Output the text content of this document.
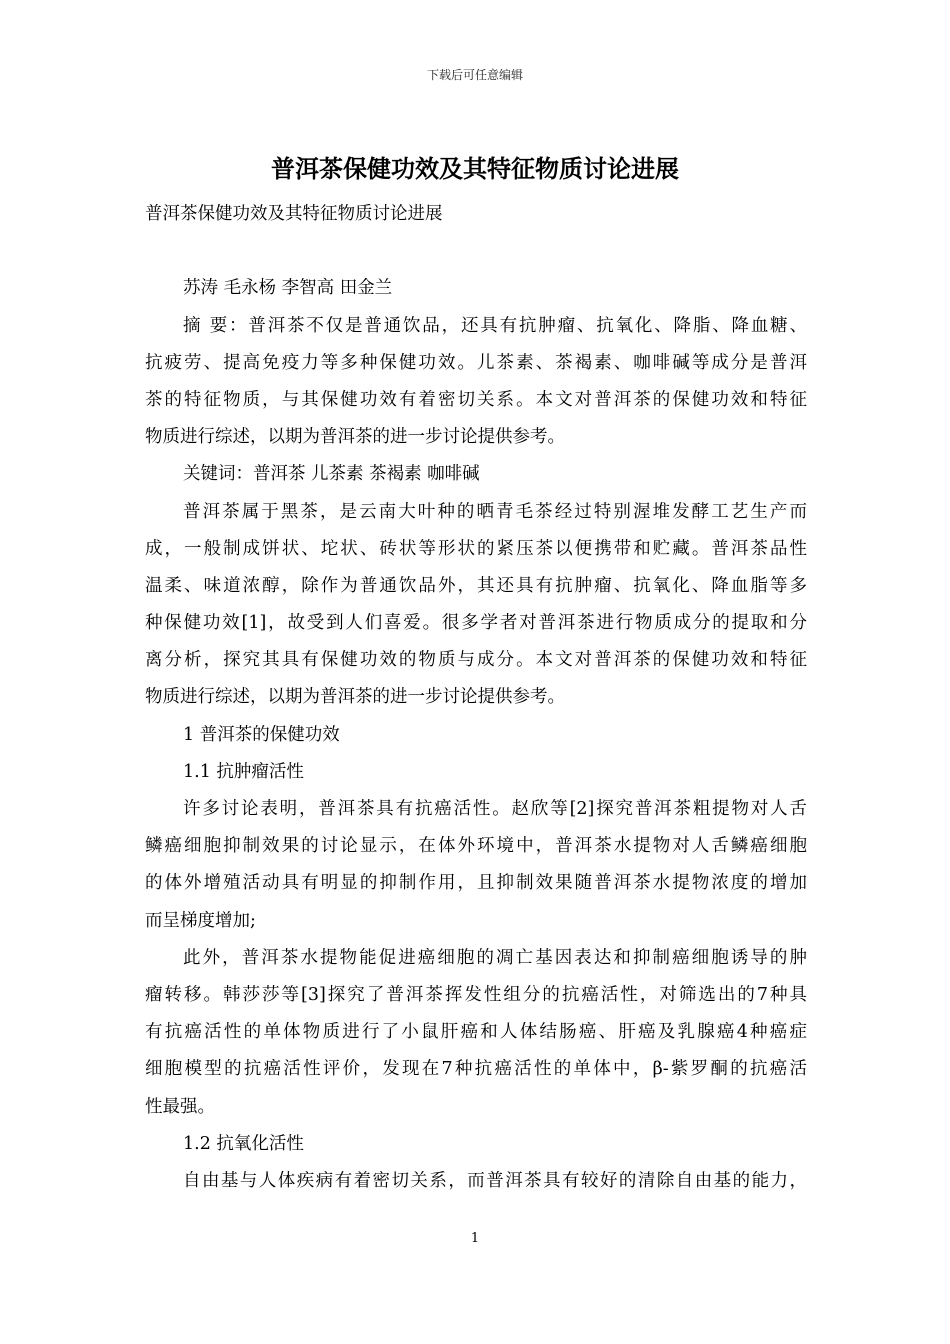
下载后可任意编辑
普洱茶保健功效及其特征物质讨论进展
普洱茶保健功效及其特征物质讨论进展
苏涛 毛永杨 李智高 田金兰
摘 要：普洱茶不仅是普通饮品，还具有抗肿瘤、抗氧化、降脂、降血糖、
抗疲劳、提高免疫力等多种保健功效。儿茶素、茶褐素、咖啡碱等成分是普洱
茶的特征物质，与其保健功效有着密切关系。本文对普洱茶的保健功效和特征
物质进行综述，以期为普洱茶的进一步讨论提供参考。
关键词：普洱茶 儿茶素 茶褐素 咖啡碱
普洱茶属于黑茶，是云南大叶种的晒青毛茶经过特别渥堆发酵工艺生产而
成，一般制成饼状、坨状、砖状等形状的紧压茶以便携带和贮藏。普洱茶品性
温柔、味道浓醇，除作为普通饮品外，其还具有抗肿瘤、抗氧化、降血脂等多
种保健功效[1]，故受到人们喜爱。很多学者对普洱茶进行物质成分的提取和分
离分析，探究其具有保健功效的物质与成分。本文对普洱茶的保健功效和特征
物质进行综述，以期为普洱茶的进一步讨论提供参考。
1 普洱茶的保健功效
1.1 抗肿瘤活性
许多讨论表明，普洱茶具有抗癌活性。赵欣等[2]探究普洱茶粗提物对人舌
鳞癌细胞抑制效果的讨论显示，在体外环境中，普洱茶水提物对人舌鳞癌细胞
的体外增殖活动具有明显的抑制作用，且抑制效果随普洱茶水提物浓度的增加
而呈梯度增加;
此外，普洱茶水提物能促进癌细胞的凋亡基因表达和抑制癌细胞诱导的肿
瘤转移。韩莎莎等[3]探究了普洱茶挥发性组分的抗癌活性，对筛选出的7种具
有抗癌活性的单体物质进行了小鼠肝癌和人体结肠癌、肝癌及乳腺癌4种癌症
细胞模型的抗癌活性评价，发现在7种抗癌活性的单体中，β-紫罗酮的抗癌活
性最强。
1.2 抗氧化活性
自由基与人体疾病有着密切关系，而普洱茶具有较好的清除自由基的能力，
1
